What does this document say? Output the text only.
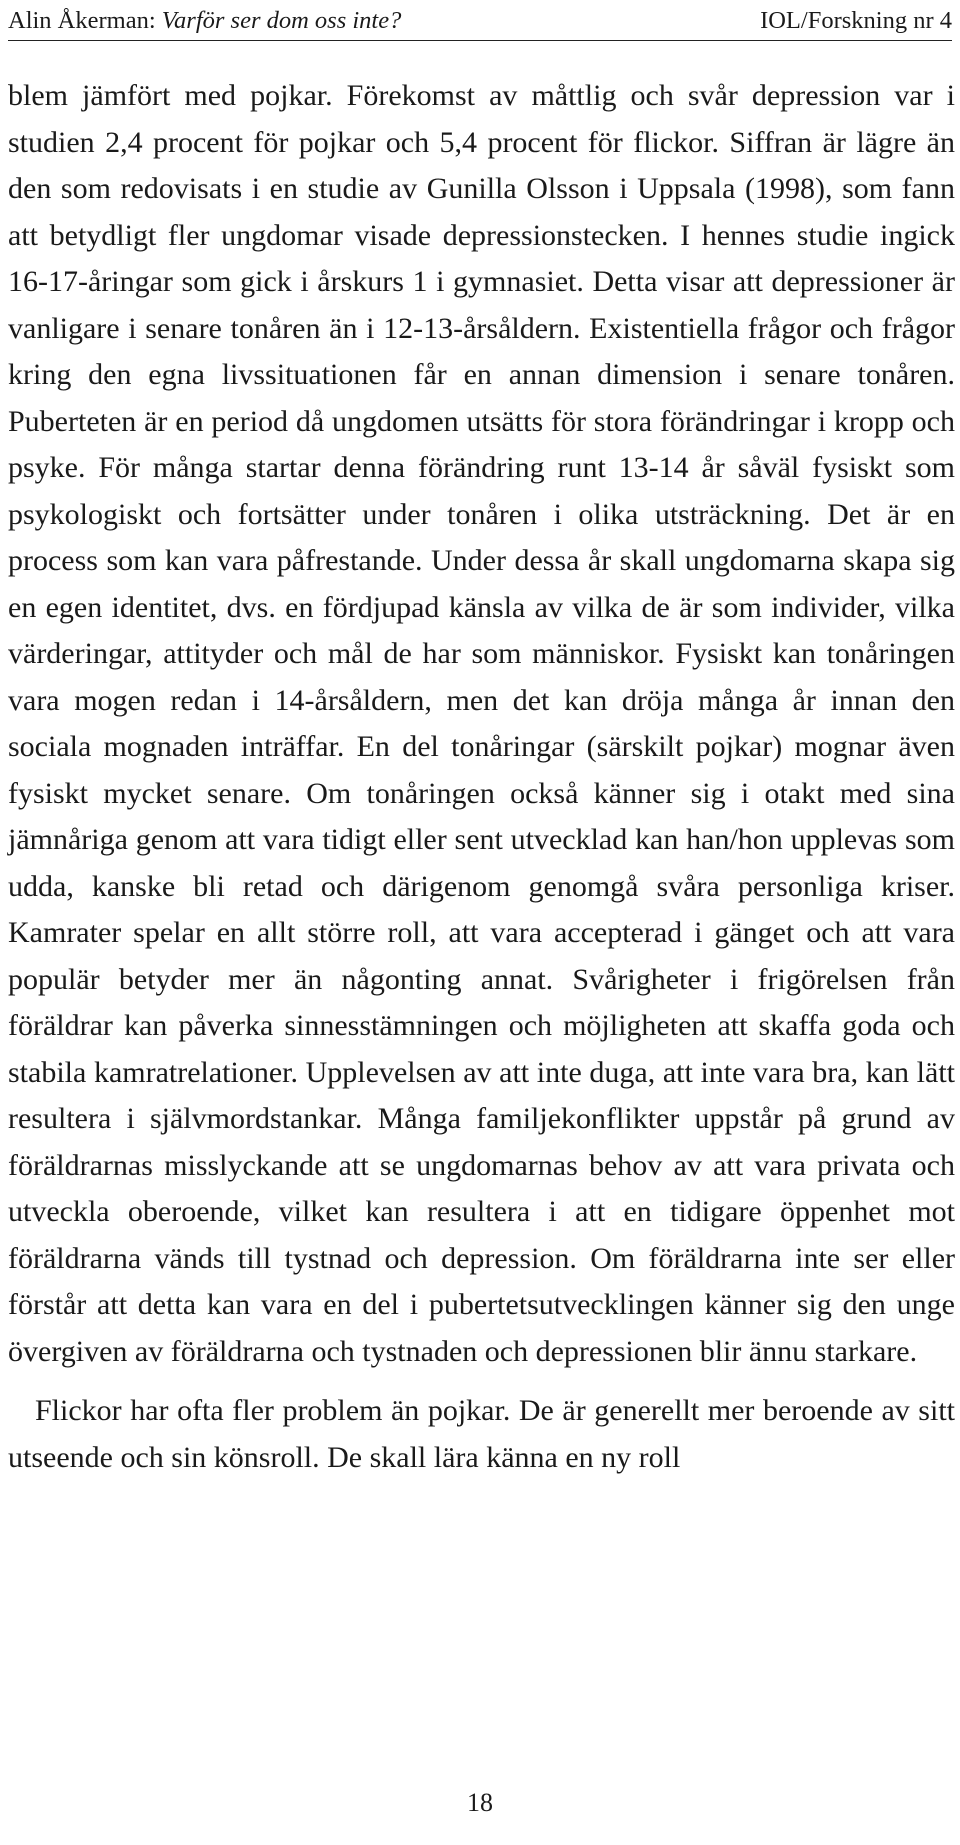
Alin Åkerman: Varför ser dom oss inte?	IOL/Forskning nr 4

blem jämfört med pojkar. Förekomst av måttlig och svår depression var i studien 2,4 procent för pojkar och 5,4 procent för flickor. Siffran är lägre än den som redovisats i en studie av Gunilla Olsson i Uppsala (1998), som fann att betydligt fler ungdomar visade depressionstecken. I hennes studie ingick 16-17-åringar som gick i årskurs 1 i gymnasiet. Detta visar att depressioner är vanligare i senare tonåren än i 12-13-årsåldern. Existentiella frågor och frågor kring den egna livssituationen får en annan dimension i senare tonåren. Puberteten är en period då ungdomen utsätts för stora förändringar i kropp och psyke. För många startar denna förändring runt 13-14 år såväl fysiskt som psykologiskt och fortsätter under tonåren i olika utsträckning. Det är en process som kan vara påfrestande. Under dessa år skall ungdomarna skapa sig en egen identitet, dvs. en fördjupad känsla av vilka de är som individer, vilka värderingar, attityder och mål de har som människor. Fysiskt kan tonåringen vara mogen redan i 14-årsåldern, men det kan dröja många år innan den sociala mognaden inträffar. En del tonåringar (särskilt pojkar) mognar även fysiskt mycket senare. Om tonåringen också känner sig i otakt med sina jämnåriga genom att vara tidigt eller sent utvecklad kan han/hon upplevas som udda, kanske bli retad och därigenom genomgå svåra personliga kriser. Kamrater spelar en allt större roll, att vara accepterad i gänget och att vara populär betyder mer än någonting annat. Svårigheter i frigörelsen från föräldrar kan påverka sinnesstämningen och möjligheten att skaffa goda och stabila kamratrelationer. Upplevelsen av att inte duga, att inte vara bra, kan lätt resultera i självmordstankar. Många familjekonflikter uppstår på grund av föräldrarnas misslyckande att se ungdomarnas behov av att vara privata och utveckla oberoende, vilket kan resultera i att en tidigare öppenhet mot föräldrarna vänds till tystnad och depression. Om föräldrarna inte ser eller förstår att detta kan vara en del i pubertetsutvecklingen känner sig den unge övergiven av föräldrarna och tystnaden och depressionen blir ännu starkare.

Flickor har ofta fler problem än pojkar. De är generellt mer beroende av sitt utseende och sin könsroll. De skall lära känna en ny roll

18
